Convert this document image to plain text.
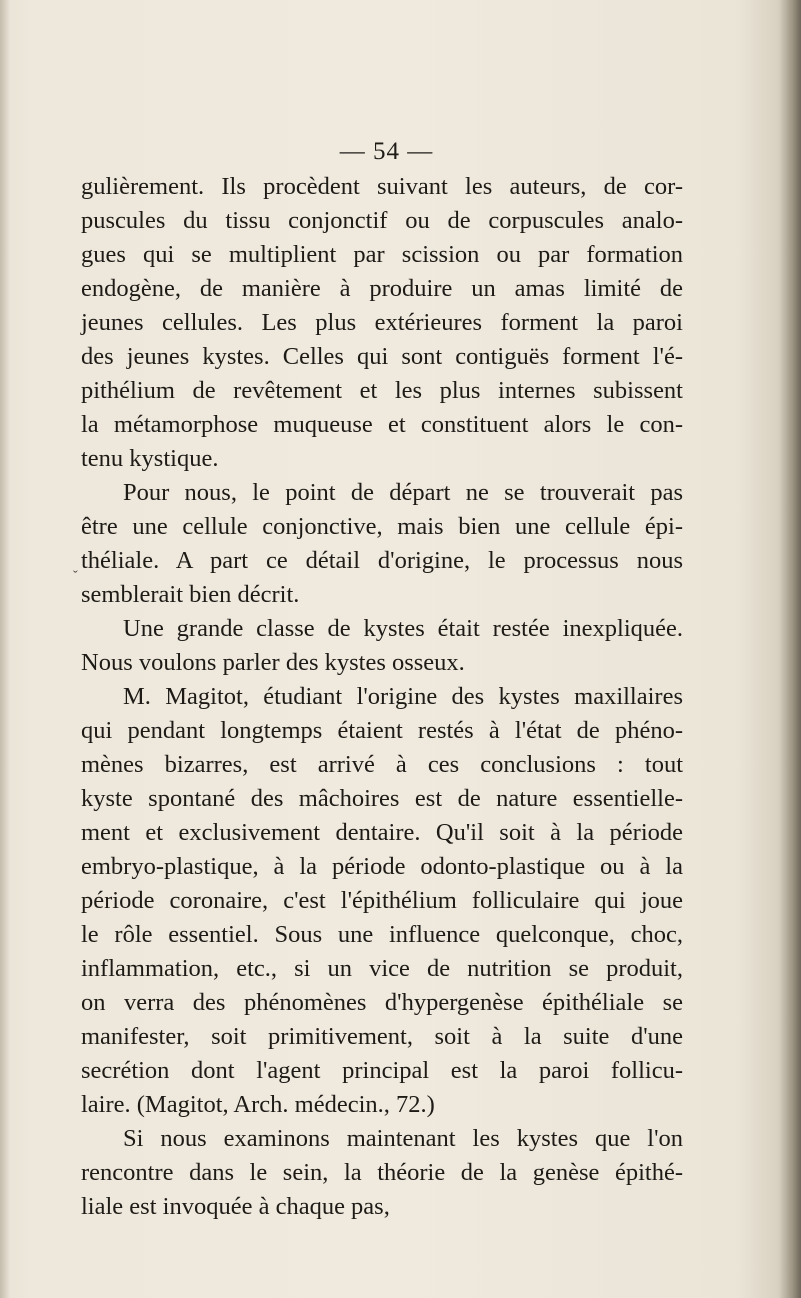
— 54 —
gulièrement. Ils procèdent suivant les auteurs, de cor-
puscules du tissu conjonctif ou de corpuscules analo-
gues qui se multiplient par scission ou par formation
endogène, de manière à produire un amas limité de
jeunes cellules. Les plus extérieures forment la paroi
des jeunes kystes. Celles qui sont contiguës forment l'é-
pithélium de revêtement et les plus internes subissent
la métamorphose muqueuse et constituent alors le con-
tenu kystique.
Pour nous, le point de départ ne se trouverait pas
être une cellule conjonctive, mais bien une cellule épi-
théliale. A part ce détail d'origine, le processus nous
semblerait bien décrit.
Une grande classe de kystes était restée inexpliquée.
Nous voulons parler des kystes osseux.
M. Magitot, étudiant l'origine des kystes maxillaires
qui pendant longtemps étaient restés à l'état de phéno-
mènes bizarres, est arrivé à ces conclusions : tout
kyste spontané des mâchoires est de nature essentielle-
ment et exclusivement dentaire. Qu'il soit à la période
embryo-plastique, à la période odonto-plastique ou à la
période coronaire, c'est l'épithélium folliculaire qui joue
le rôle essentiel. Sous une influence quelconque, choc,
inflammation, etc., si un vice de nutrition se produit,
on verra des phénomènes d'hypergenèse épithéliale se
manifester, soit primitivement, soit à la suite d'une
secrétion dont l'agent principal est la paroi follicu-
laire. (Magitot, Arch. médecin., 72.)
Si nous examinons maintenant les kystes que l'on
rencontre dans le sein, la théorie de la genèse épithé-
liale est invoquée à chaque pas,
ˇ
